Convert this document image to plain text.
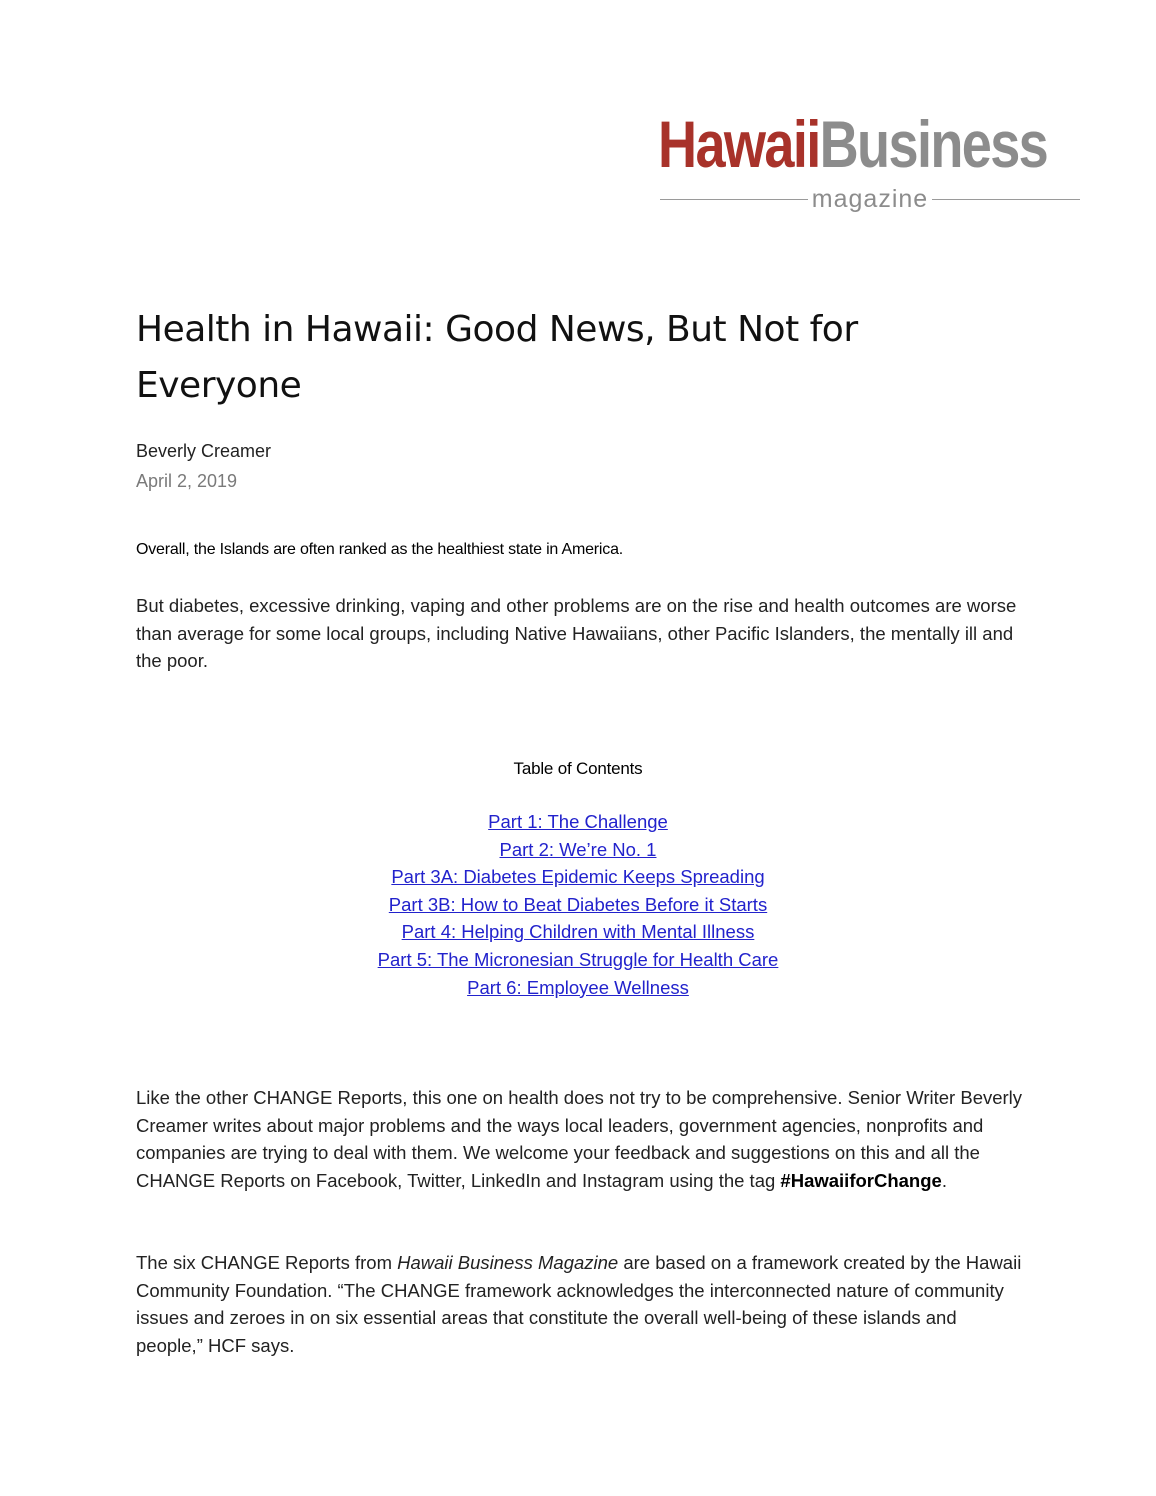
HawaiiBusiness
magazine
Health in Hawaii: Good News, But Not for Everyone
Beverly Creamer
April 2, 2019
Overall, the Islands are often ranked as the healthiest state in America.

But diabetes, excessive drinking, vaping and other problems are on the rise and health outcomes are worse than average for some local groups, including Native Hawaiians, other Pacific Islanders, the mentally ill and the poor.

Table of Contents
Part 1: The Challenge
Part 2: We’re No. 1
Part 3A: Diabetes Epidemic Keeps Spreading
Part 3B: How to Beat Diabetes Before it Starts
Part 4: Helping Children with Mental Illness
Part 5: The Micronesian Struggle for Health Care
Part 6: Employee Wellness

Like the other CHANGE Reports, this one on health does not try to be comprehensive. Senior Writer Beverly Creamer writes about major problems and the ways local leaders, government agencies, nonprofits and companies are trying to deal with them. We welcome your feedback and suggestions on this and all the CHANGE Reports on Facebook, Twitter, LinkedIn and Instagram using the tag #HawaiiforChange.

The six CHANGE Reports from Hawaii Business Magazine are based on a framework created by the Hawaii Community Foundation. “The CHANGE framework acknowledges the interconnected nature of community issues and zeroes in on six essential areas that constitute the overall well-being of these islands and people,” HCF says.
